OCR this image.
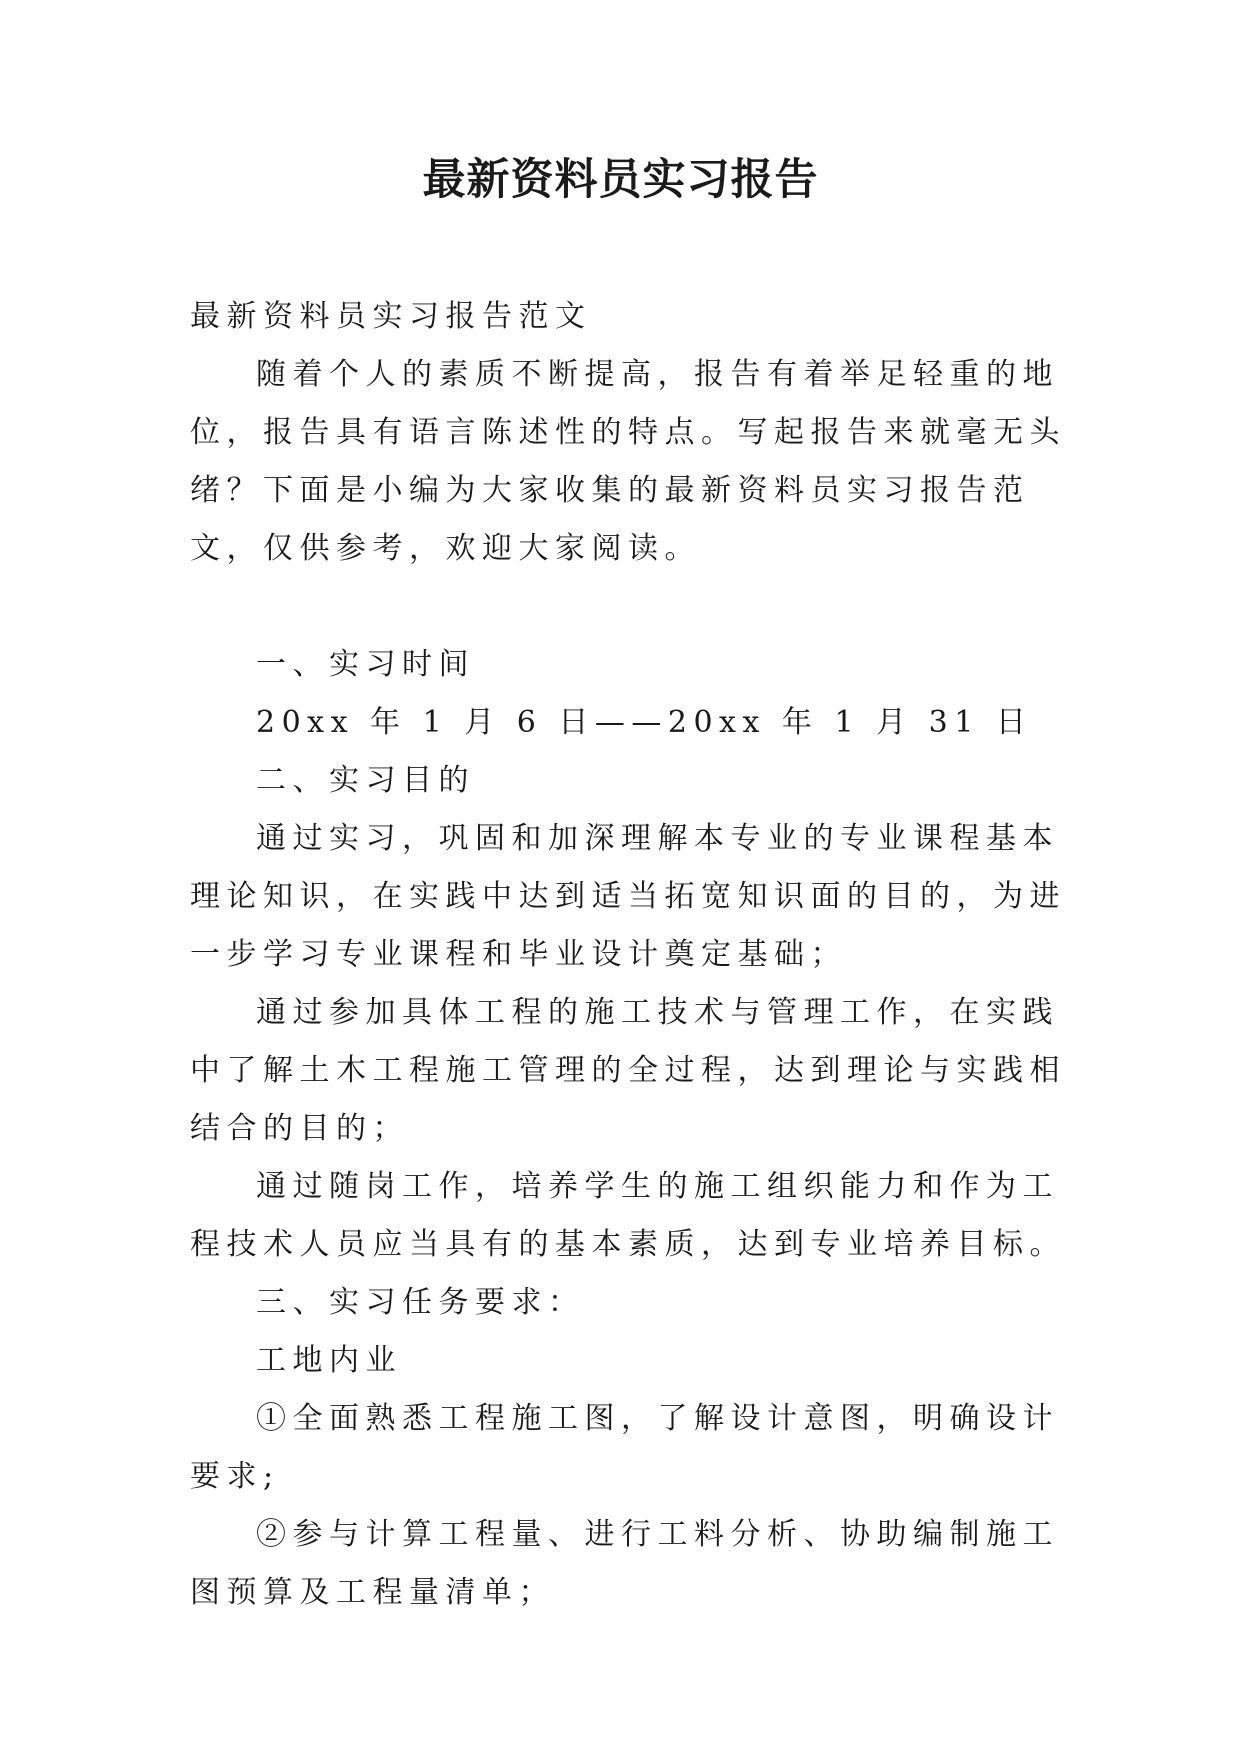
最新资料员实习报告

最新资料员实习报告范文

随着个人的素质不断提高，报告有着举足轻重的地位，报告具有语言陈述性的特点。写起报告来就毫无头绪？下面是小编为大家收集的最新资料员实习报告范文，仅供参考，欢迎大家阅读。

一、实习时间

20xx 年 1 月 6 日——20xx 年 1 月 31 日

二、实习目的

通过实习，巩固和加深理解本专业的专业课程基本理论知识，在实践中达到适当拓宽知识面的目的，为进一步学习专业课程和毕业设计奠定基础；

通过参加具体工程的施工技术与管理工作，在实践中了解土木工程施工管理的全过程，达到理论与实践相结合的目的；

通过随岗工作，培养学生的施工组织能力和作为工程技术人员应当具有的基本素质，达到专业培养目标。

三、实习任务要求：

工地内业

①全面熟悉工程施工图，了解设计意图，明确设计要求;

②参与计算工程量、进行工料分析、协助编制施工图预算及工程量清单；
